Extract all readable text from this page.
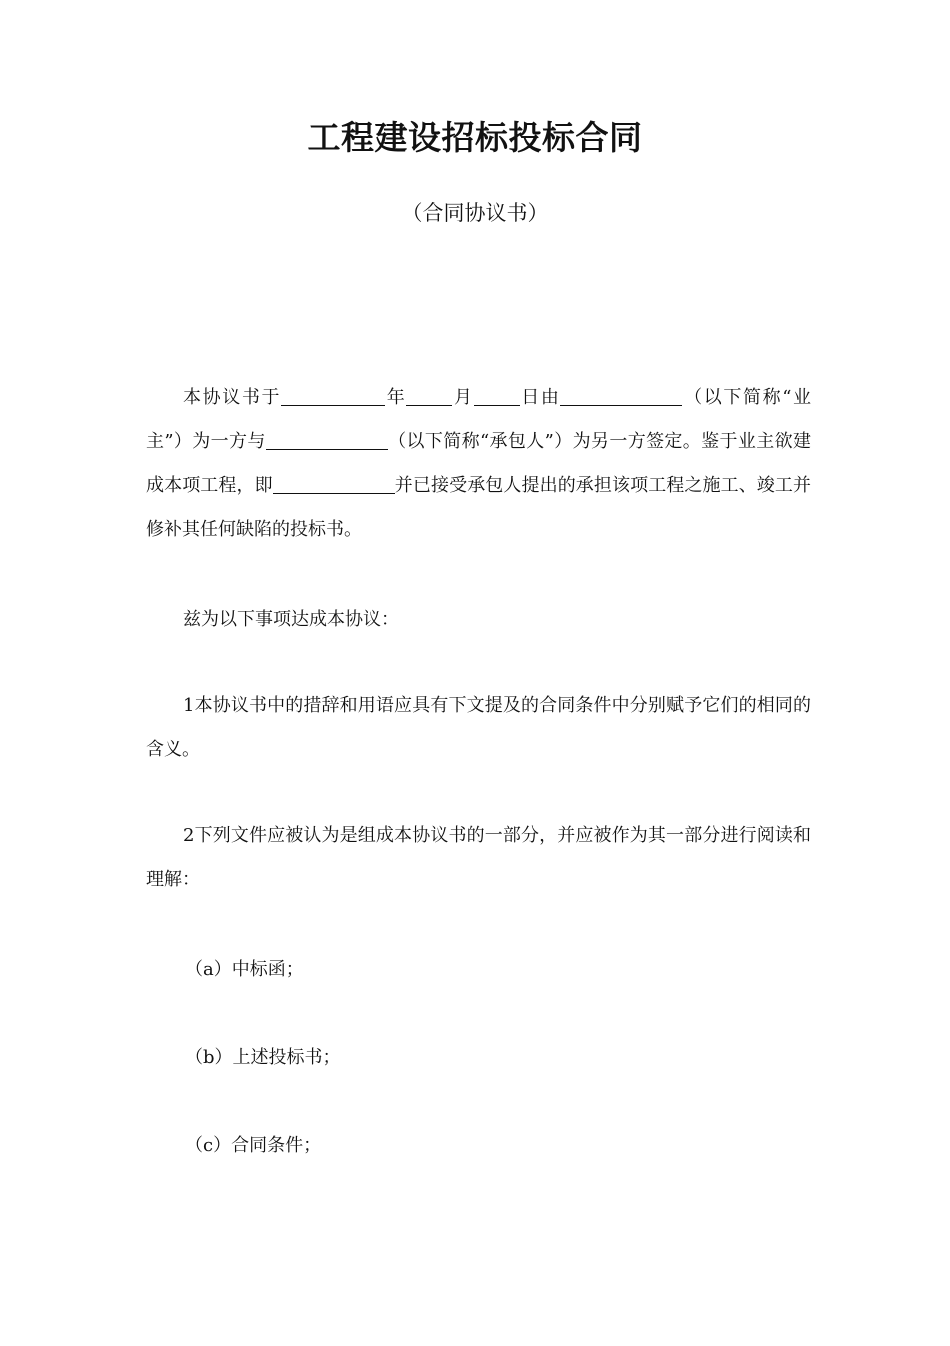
工程建设招标投标合同
（合同协议书）
本协议书于	年	月	日由	（以下简称“业主”）为一方与	（以下简称“承包人”）为另一方签定。鉴于业主欲建成本项工程，即	并已接受承包人提出的承担该项工程之施工、竣工并修补其任何缺陷的投标书。
兹为以下事项达成本协议：
1本协议书中的措辞和用语应具有下文提及的合同条件中分别赋予它们的相同的含义。
2下列文件应被认为是组成本协议书的一部分，并应被作为其一部分进行阅读和理解：
（a）中标函；
（b）上述投标书；
（c）合同条件；
